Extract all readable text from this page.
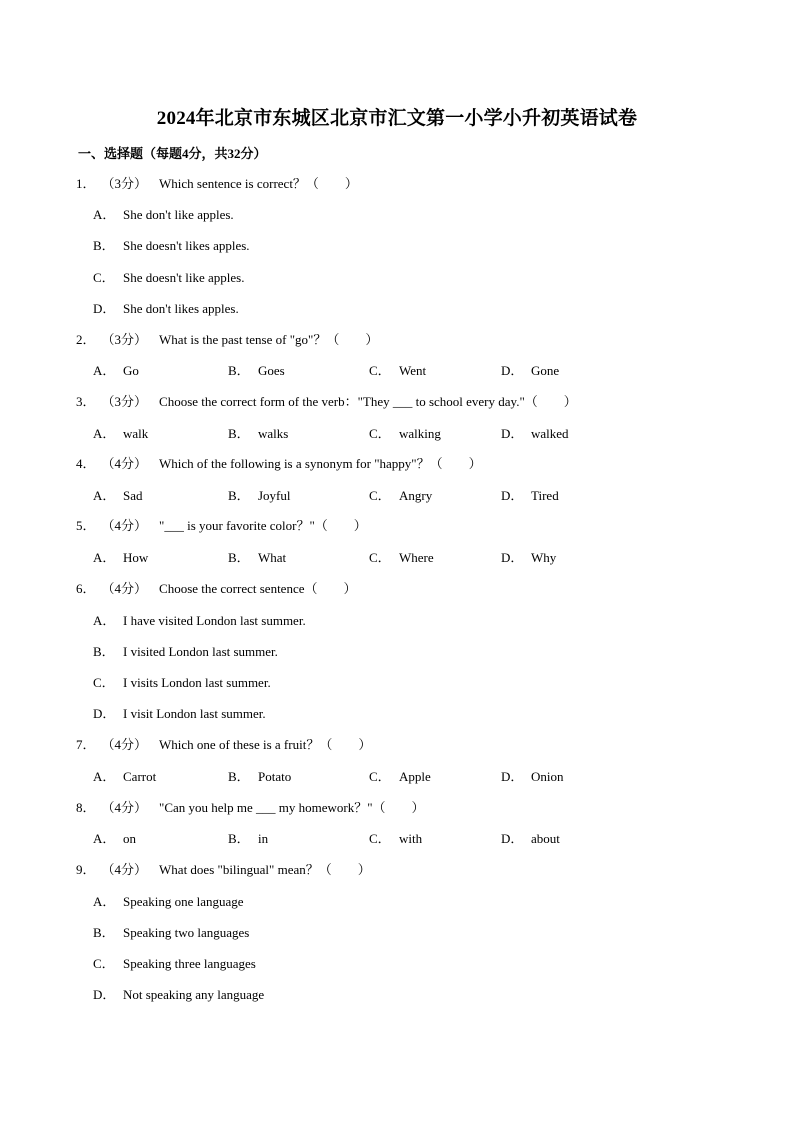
2024年北京市东城区北京市汇文第一小学小升初英语试卷
一、选择题（每题4分，共32分）
1． （3分） Which sentence is correct？（　　）
A． She don't like apples.
B． She doesn't likes apples.
C． She doesn't like apples.
D． She don't likes apples.
2． （3分） What is the past tense of "go"？（　　）
A． Go	B． Goes	C． Went	D． Gone
3． （3分） Choose the correct form of the verb："They ___ to school every day."（　　）
A． walk	B． walks	C． walking	D． walked
4． （4分） Which of the following is a synonym for "happy"？（　　）
A． Sad	B． Joyful	C． Angry	D． Tired
5． （4分） "___ is your favorite color？"（　　）
A． How	B． What	C． Where	D． Why
6． （4分） Choose the correct sentence（　　）
A． I have visited London last summer.
B． I visited London last summer.
C． I visits London last summer.
D． I visit London last summer.
7． （4分） Which one of these is a fruit？（　　）
A． Carrot	B． Potato	C． Apple	D． Onion
8． （4分） "Can you help me ___ my homework？"（　　）
A． on	B． in	C． with	D． about
9． （4分） What does "bilingual" mean？（　　）
A． Speaking one language
B． Speaking two languages
C． Speaking three languages
D． Not speaking any language
